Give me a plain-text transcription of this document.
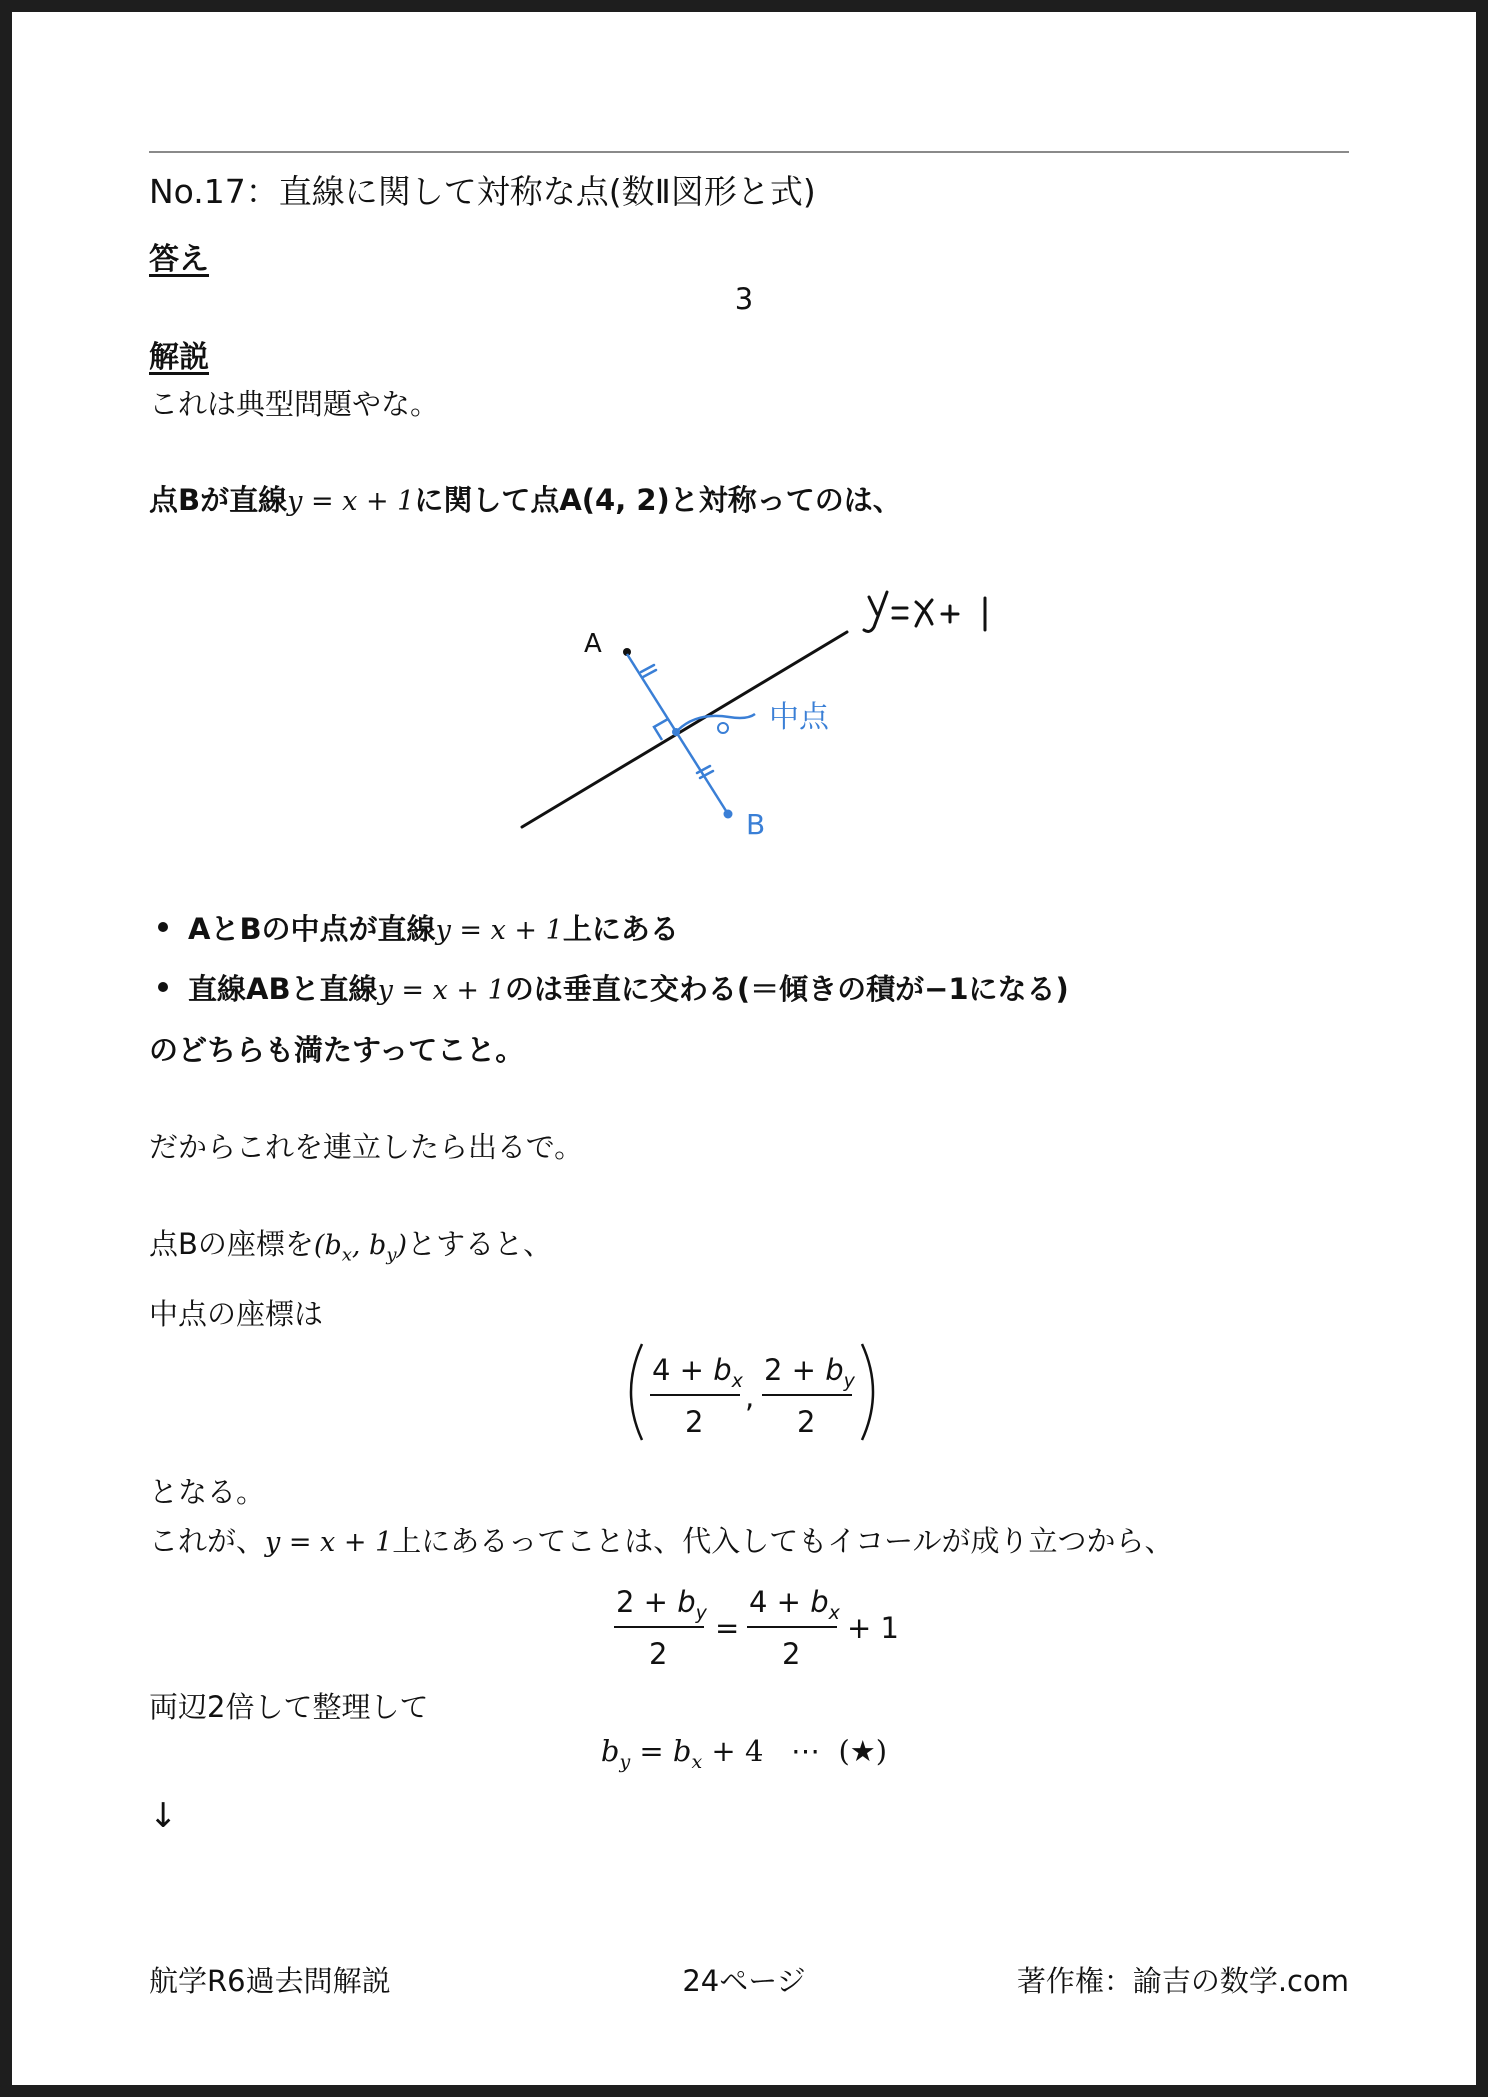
No.17：直線に関して対称な点(数Ⅱ図形と式)
答え
3
解説
これは典型問題やな。
点Bが直線y = x + 1に関して点A(4, 2)と対称ってのは、
A
B
中点
AとBの中点が直線y = x + 1上にある
直線ABと直線y = x + 1のは垂直に交わる(＝傾きの積が−1になる)
のどちらも満たすってこと。
だからこれを連立したら出るで。
点Bの座標を($b_x$, $b_y$)とすると、
中点の座標は
$4 + b_x$
2
,
$2 + b_y$
2
となる。
これが、y = x + 1上にあるってことは、代入してもイコールが成り立つから、
$2 + b_y$
2
=
$4 + b_x$
2
+ 1
両辺2倍して整理して
$b_y = b_x + 4$   ⋯  (★)
↓
航学R6過去問解説	24ページ	著作権：諭吉の数学.com
